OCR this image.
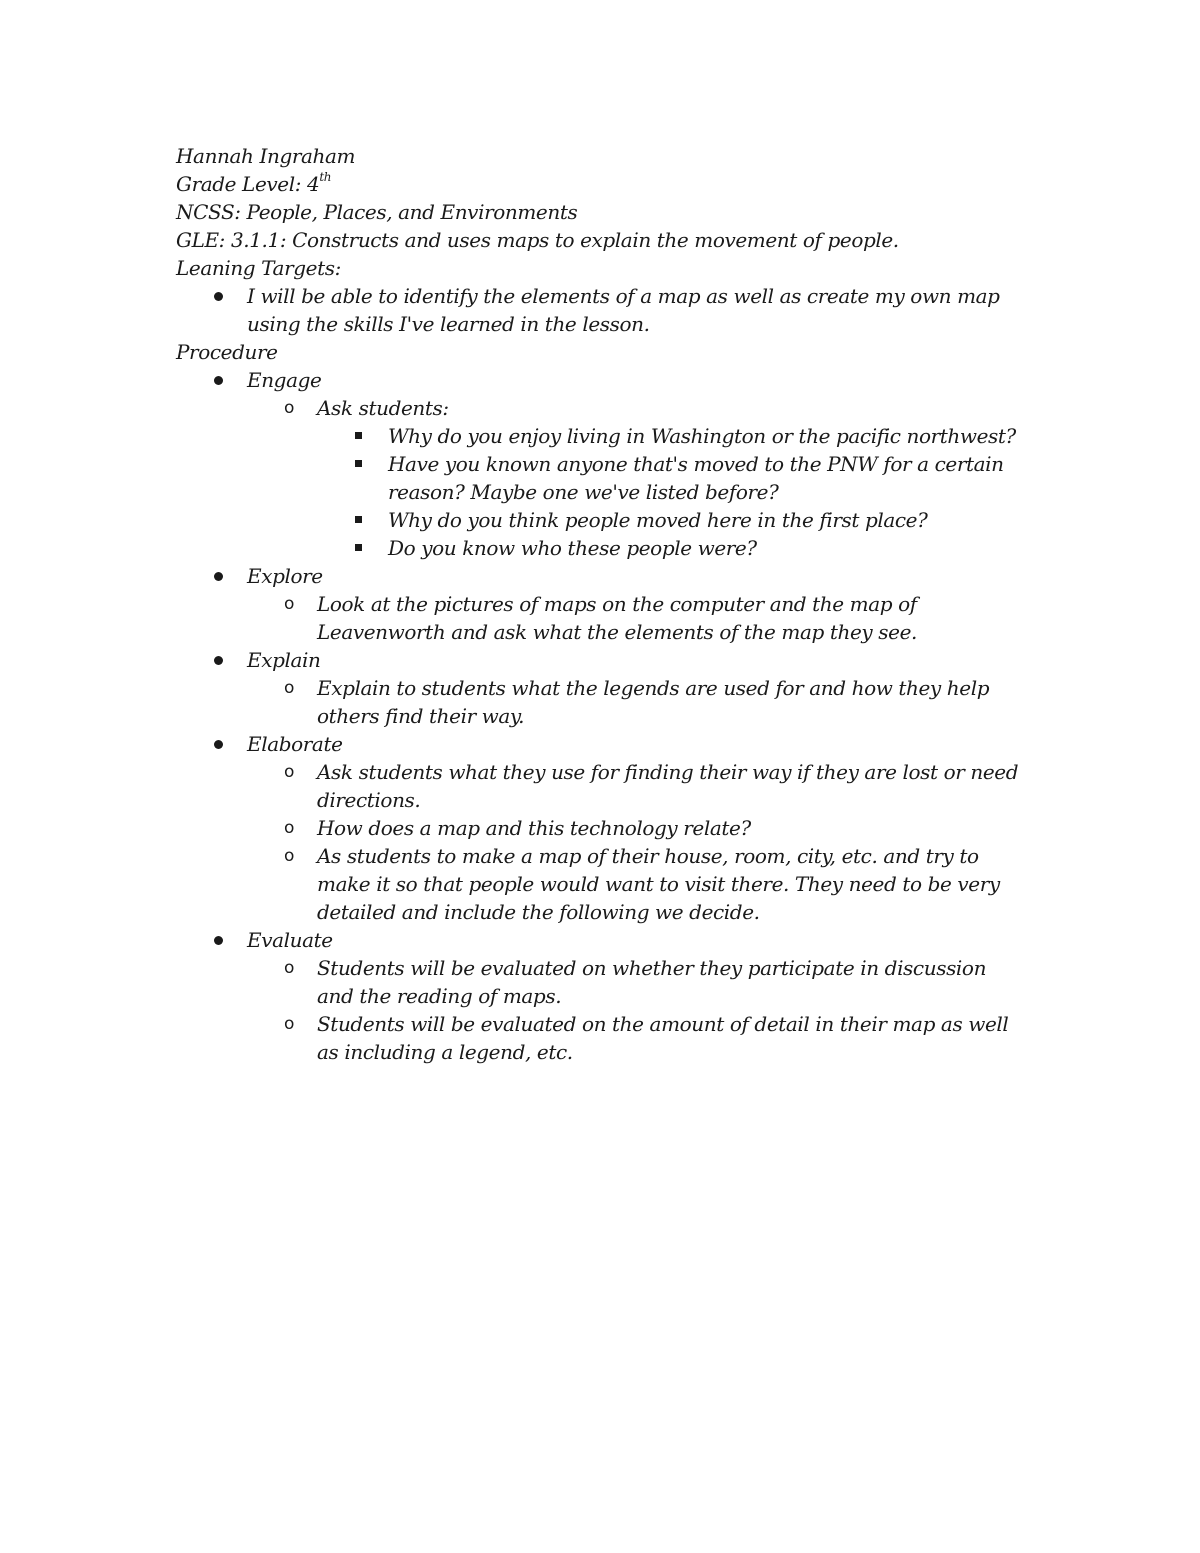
Hannah Ingraham
Grade Level: 4th
NCSS: People, Places, and Environments
GLE: 3.1.1: Constructs and uses maps to explain the movement of people.
Leaning Targets:
I will be able to identify the elements of a map as well as create my own map using the skills I've learned in the lesson.
Procedure
Engage
o Ask students:
Why do you enjoy living in Washington or the pacific northwest?
Have you known anyone that's moved to the PNW for a certain reason? Maybe one we've listed before?
Why do you think people moved here in the first place?
Do you know who these people were?
Explore
o Look at the pictures of maps on the computer and the map of Leavenworth and ask what the elements of the map they see.
Explain
o Explain to students what the legends are used for and how they help others find their way.
Elaborate
o Ask students what they use for finding their way if they are lost or need directions.
o How does a map and this technology relate?
o As students to make a map of their house, room, city, etc. and try to make it so that people would want to visit there. They need to be very detailed and include the following we decide.
Evaluate
o Students will be evaluated on whether they participate in discussion and the reading of maps.
o Students will be evaluated on the amount of detail in their map as well as including a legend, etc.
